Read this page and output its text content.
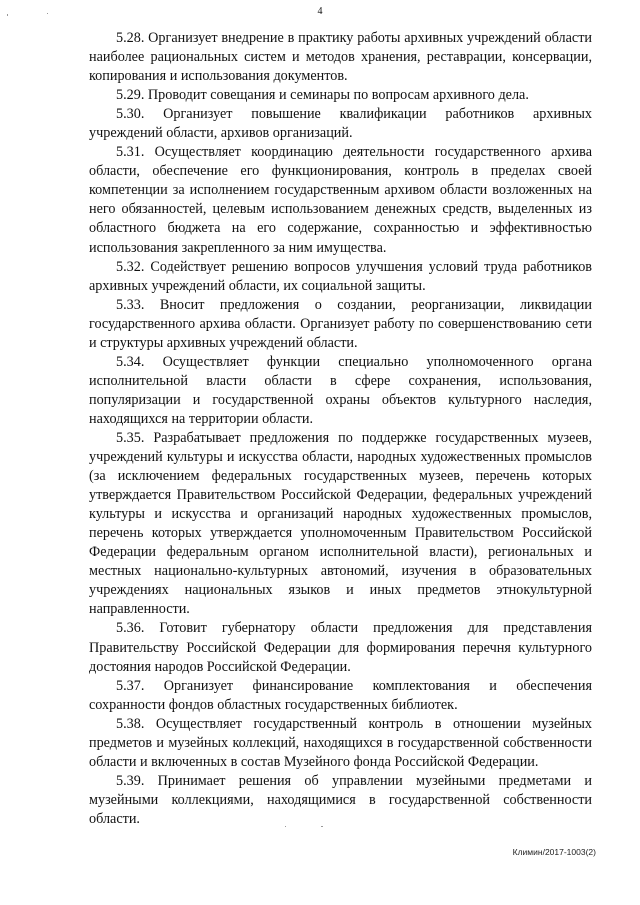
4

5.28. Организует внедрение в практику работы архивных учреждений области наиболее рациональных систем и методов хранения, реставрации, консервации, копирования и использования документов.

5.29. Проводит совещания и семинары по вопросам архивного дела.

5.30. Организует повышение квалификации работников архивных учреждений области, архивов организаций.

5.31. Осуществляет координацию деятельности государственного архива области, обеспечение его функционирования, контроль в пределах своей компетенции за исполнением государственным архивом области возложенных на него обязанностей, целевым использованием денежных средств, выделенных из областного бюджета на его содержание, сохранностью и эффективностью использования закрепленного за ним имущества.

5.32. Содействует решению вопросов улучшения условий труда работников архивных учреждений области, их социальной защиты.

5.33. Вносит предложения о создании, реорганизации, ликвидации государственного архива области. Организует работу по совершенствованию сети и структуры архивных учреждений области.

5.34. Осуществляет функции специально уполномоченного органа исполнительной власти области в сфере сохранения, использования, популяризации и государственной охраны объектов культурного наследия, находящихся на территории области.

5.35. Разрабатывает предложения по поддержке государственных музеев, учреждений культуры и искусства области, народных художественных промыслов (за исключением федеральных государственных музеев, перечень которых утверждается Правительством Российской Федерации, федеральных учреждений культуры и искусства и организаций народных художественных промыслов, перечень которых утверждается уполномоченным Правительством Российской Федерации федеральным органом исполнительной власти), региональных и местных национально-культурных автономий, изучения в образовательных учреждениях национальных языков и иных предметов этнокультурной направленности.

5.36. Готовит губернатору области предложения для представления Правительству Российской Федерации для формирования перечня культурного достояния народов Российской Федерации.

5.37. Организует финансирование комплектования и обеспечения сохранности фондов областных государственных библиотек.

5.38. Осуществляет государственный контроль в отношении музейных предметов и музейных коллекций, находящихся в государственной собственности области и включенных в состав Музейного фонда Российской Федерации.

5.39. Принимает решения об управлении музейными предметами и музейными коллекциями, находящимися в государственной собственности области.

Климин/2017-1003(2)
